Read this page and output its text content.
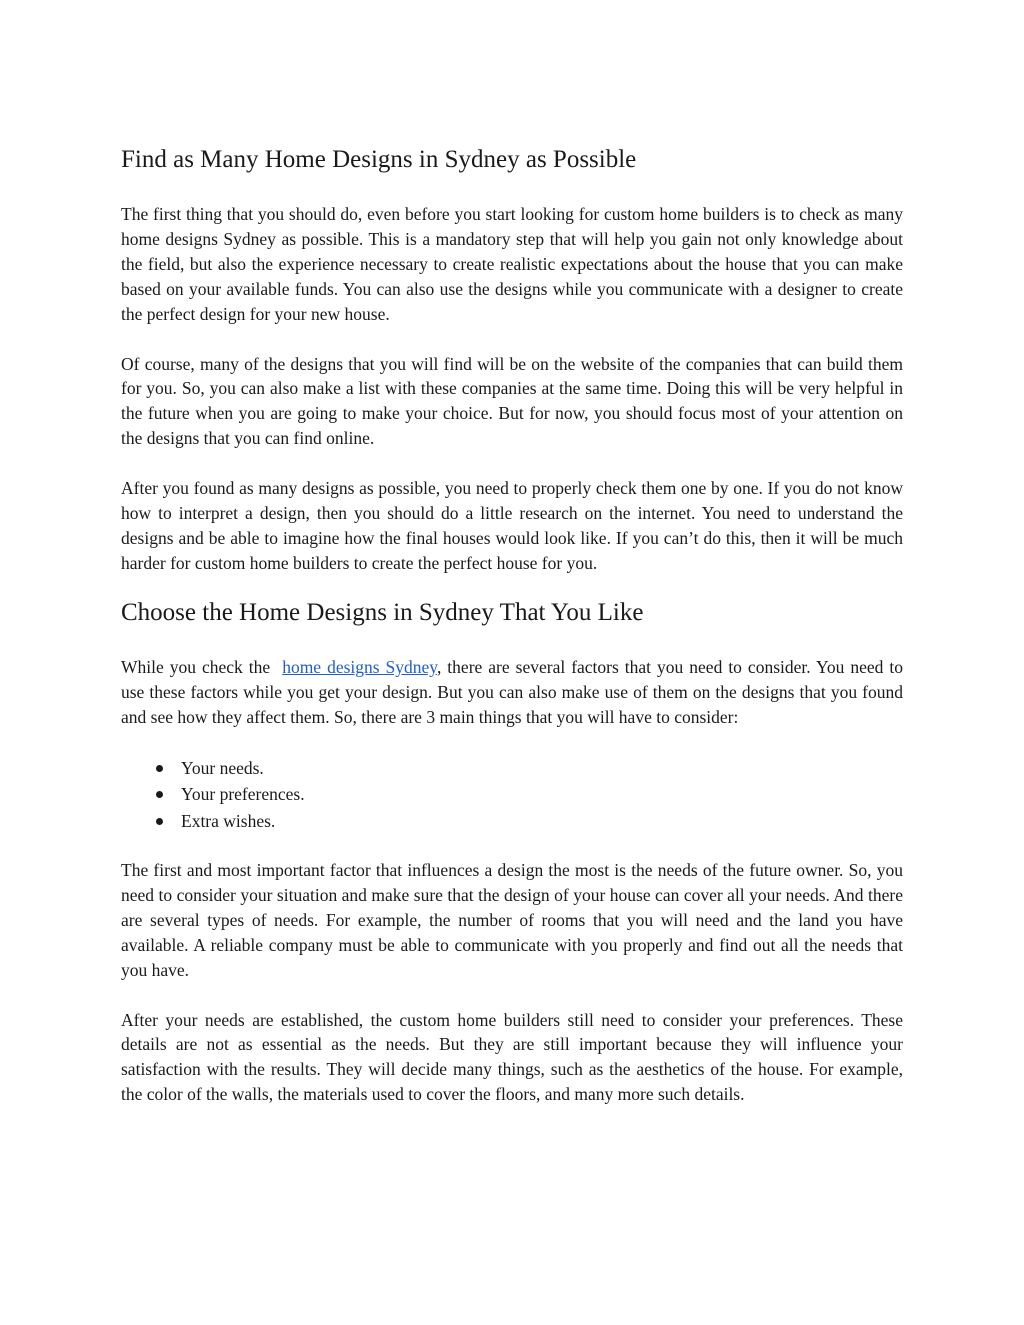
Find as Many Home Designs in Sydney as Possible

The first thing that you should do, even before you start looking for custom home builders is to check as many home designs Sydney as possible. This is a mandatory step that will help you gain not only knowledge about the field, but also the experience necessary to create realistic expectations about the house that you can make based on your available funds. You can also use the designs while you communicate with a designer to create the perfect design for your new house.

Of course, many of the designs that you will find will be on the website of the companies that can build them for you. So, you can also make a list with these companies at the same time. Doing this will be very helpful in the future when you are going to make your choice. But for now, you should focus most of your attention on the designs that you can find online.

After you found as many designs as possible, you need to properly check them one by one. If you do not know how to interpret a design, then you should do a little research on the internet. You need to understand the designs and be able to imagine how the final houses would look like. If you can’t do this, then it will be much harder for custom home builders to create the perfect house for you.

Choose the Home Designs in Sydney That You Like

While you check the home designs Sydney, there are several factors that you need to consider. You need to use these factors while you get your design. But you can also make use of them on the designs that you found and see how they affect them. So, there are 3 main things that you will have to consider:

Your needs.
Your preferences.
Extra wishes.

The first and most important factor that influences a design the most is the needs of the future owner. So, you need to consider your situation and make sure that the design of your house can cover all your needs. And there are several types of needs. For example, the number of rooms that you will need and the land you have available. A reliable company must be able to communicate with you properly and find out all the needs that you have.

After your needs are established, the custom home builders still need to consider your preferences. These details are not as essential as the needs. But they are still important because they will influence your satisfaction with the results. They will decide many things, such as the aesthetics of the house. For example, the color of the walls, the materials used to cover the floors, and many more such details.
